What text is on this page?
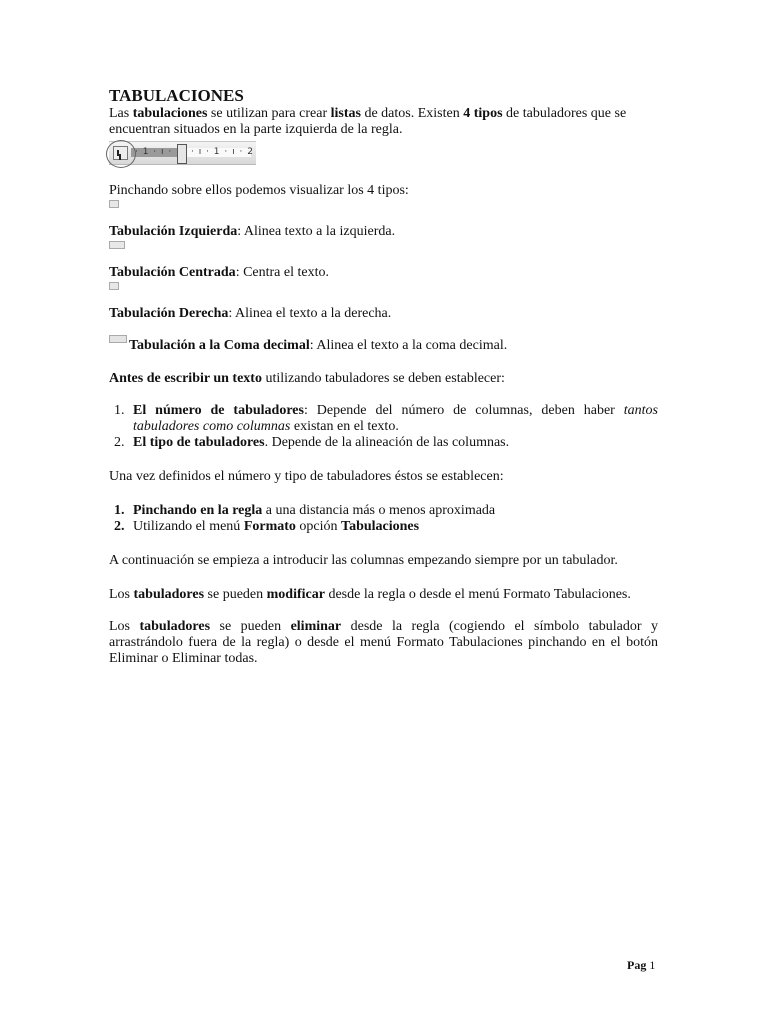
TABULACIONES

Las tabulaciones se utilizan para crear listas de datos. Existen 4 tipos de tabuladores que se encuentran situados en la parte izquierda de la regla.

· 1 · ı · · ı · 1 · ı · 2

Pinchando sobre ellos podemos visualizar los 4 tipos:

Tabulación Izquierda: Alinea texto a la izquierda.

Tabulación Centrada: Centra el texto.

Tabulación Derecha: Alinea el texto a la derecha.

Tabulación a la Coma decimal: Alinea el texto a la coma decimal.

Antes de escribir un texto utilizando tabuladores se deben establecer:

1. El número de tabuladores: Depende del número de columnas, deben haber tantos tabuladores como columnas existan en el texto.
2. El tipo de tabuladores. Depende de la alineación de las columnas.

Una vez definidos el número y tipo de tabuladores éstos se establecen:

1. Pinchando en la regla a una distancia más o menos aproximada
2. Utilizando el menú Formato opción Tabulaciones

A continuación se empieza a introducir las columnas empezando siempre por un tabulador.

Los tabuladores se pueden modificar desde la regla o desde el menú Formato Tabulaciones.

Los tabuladores se pueden eliminar desde la regla (cogiendo el símbolo tabulador y arrastrándolo fuera de la regla) o desde el menú Formato Tabulaciones pinchando en el botón Eliminar o Eliminar todas.

Pag 1
